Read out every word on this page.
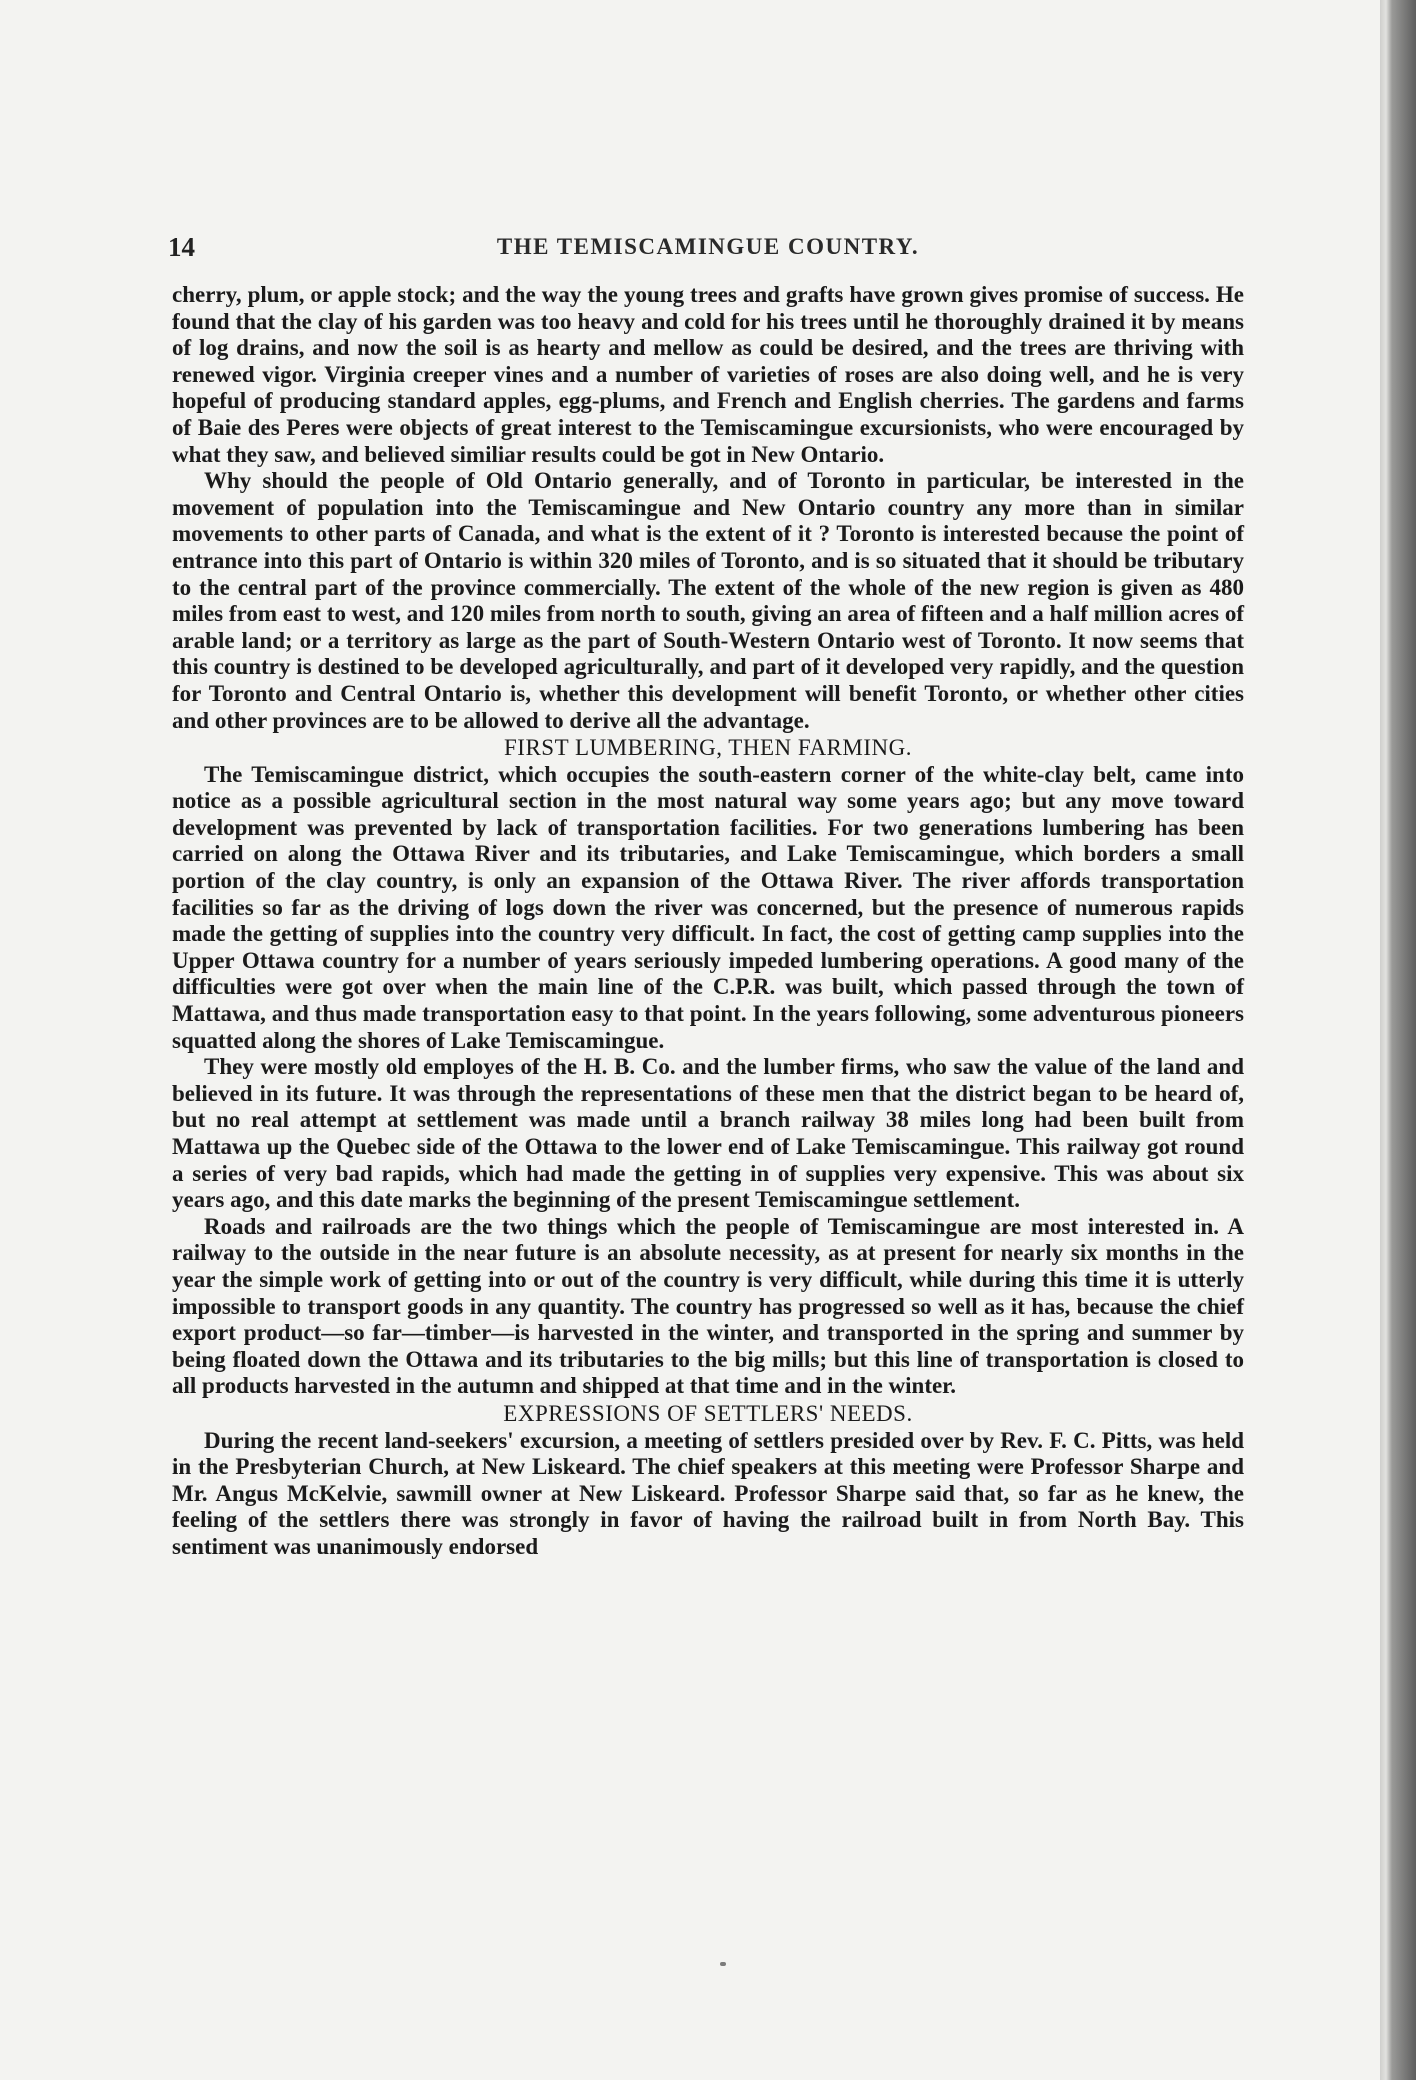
14	THE TEMISCAMINGUE COUNTRY.

cherry, plum, or apple stock; and the way the young trees and grafts have grown gives promise of success. He found that the clay of his garden was too heavy and cold for his trees until he thoroughly drained it by means of log drains, and now the soil is as hearty and mellow as could be desired, and the trees are thriving with renewed vigor. Virginia creeper vines and a number of varieties of roses are also doing well, and he is very hopeful of producing standard apples, egg-plums, and French and English cherries. The gardens and farms of Baie des Peres were objects of great interest to the Temiscamingue excursionists, who were encouraged by what they saw, and believed similiar results could be got in New Ontario.

Why should the people of Old Ontario generally, and of Toronto in particular, be interested in the movement of population into the Temiscamingue and New Ontario country any more than in similar movements to other parts of Canada, and what is the extent of it ? Toronto is interested because the point of entrance into this part of Ontario is within 320 miles of Toronto, and is so situated that it should be tributary to the central part of the province commercially. The extent of the whole of the new region is given as 480 miles from east to west, and 120 miles from north to south, giving an area of fifteen and a half million acres of arable land; or a territory as large as the part of South-Western Ontario west of Toronto. It now seems that this country is destined to be developed agriculturally, and part of it developed very rapidly, and the question for Toronto and Central Ontario is, whether this development will benefit Toronto, or whether other cities and other provinces are to be allowed to derive all the advantage.

FIRST LUMBERING, THEN FARMING.

The Temiscamingue district, which occupies the south-eastern corner of the white-clay belt, came into notice as a possible agricultural section in the most natural way some years ago; but any move toward development was prevented by lack of transportation facilities. For two generations lumbering has been carried on along the Ottawa River and its tributaries, and Lake Temiscamingue, which borders a small portion of the clay country, is only an expansion of the Ottawa River. The river affords transportation facilities so far as the driving of logs down the river was concerned, but the presence of numerous rapids made the getting of supplies into the country very difficult. In fact, the cost of getting camp supplies into the Upper Ottawa country for a number of years seriously impeded lumbering operations. A good many of the difficulties were got over when the main line of the C.P.R. was built, which passed through the town of Mattawa, and thus made transportation easy to that point. In the years following, some adventurous pioneers squatted along the shores of Lake Temiscamingue.

They were mostly old employes of the H. B. Co. and the lumber firms, who saw the value of the land and believed in its future. It was through the representations of these men that the district began to be heard of, but no real attempt at settlement was made until a branch railway 38 miles long had been built from Mattawa up the Quebec side of the Ottawa to the lower end of Lake Temiscamingue. This railway got round a series of very bad rapids, which had made the getting in of supplies very expensive. This was about six years ago, and this date marks the beginning of the present Temiscamingue settlement.

Roads and railroads are the two things which the people of Temiscamingue are most interested in. A railway to the outside in the near future is an absolute necessity, as at present for nearly six months in the year the simple work of getting into or out of the country is very difficult, while during this time it is utterly impossible to transport goods in any quantity. The country has progressed so well as it has, because the chief export product—so far—timber—is harvested in the winter, and transported in the spring and summer by being floated down the Ottawa and its tributaries to the big mills; but this line of transportation is closed to all products harvested in the autumn and shipped at that time and in the winter.

EXPRESSIONS OF SETTLERS' NEEDS.

During the recent land-seekers' excursion, a meeting of settlers presided over by Rev. F. C. Pitts, was held in the Presbyterian Church, at New Liskeard. The chief speakers at this meeting were Professor Sharpe and Mr. Angus McKelvie, sawmill owner at New Liskeard. Professor Sharpe said that, so far as he knew, the feeling of the settlers there was strongly in favor of having the railroad built in from North Bay. This sentiment was unanimously endorsed
